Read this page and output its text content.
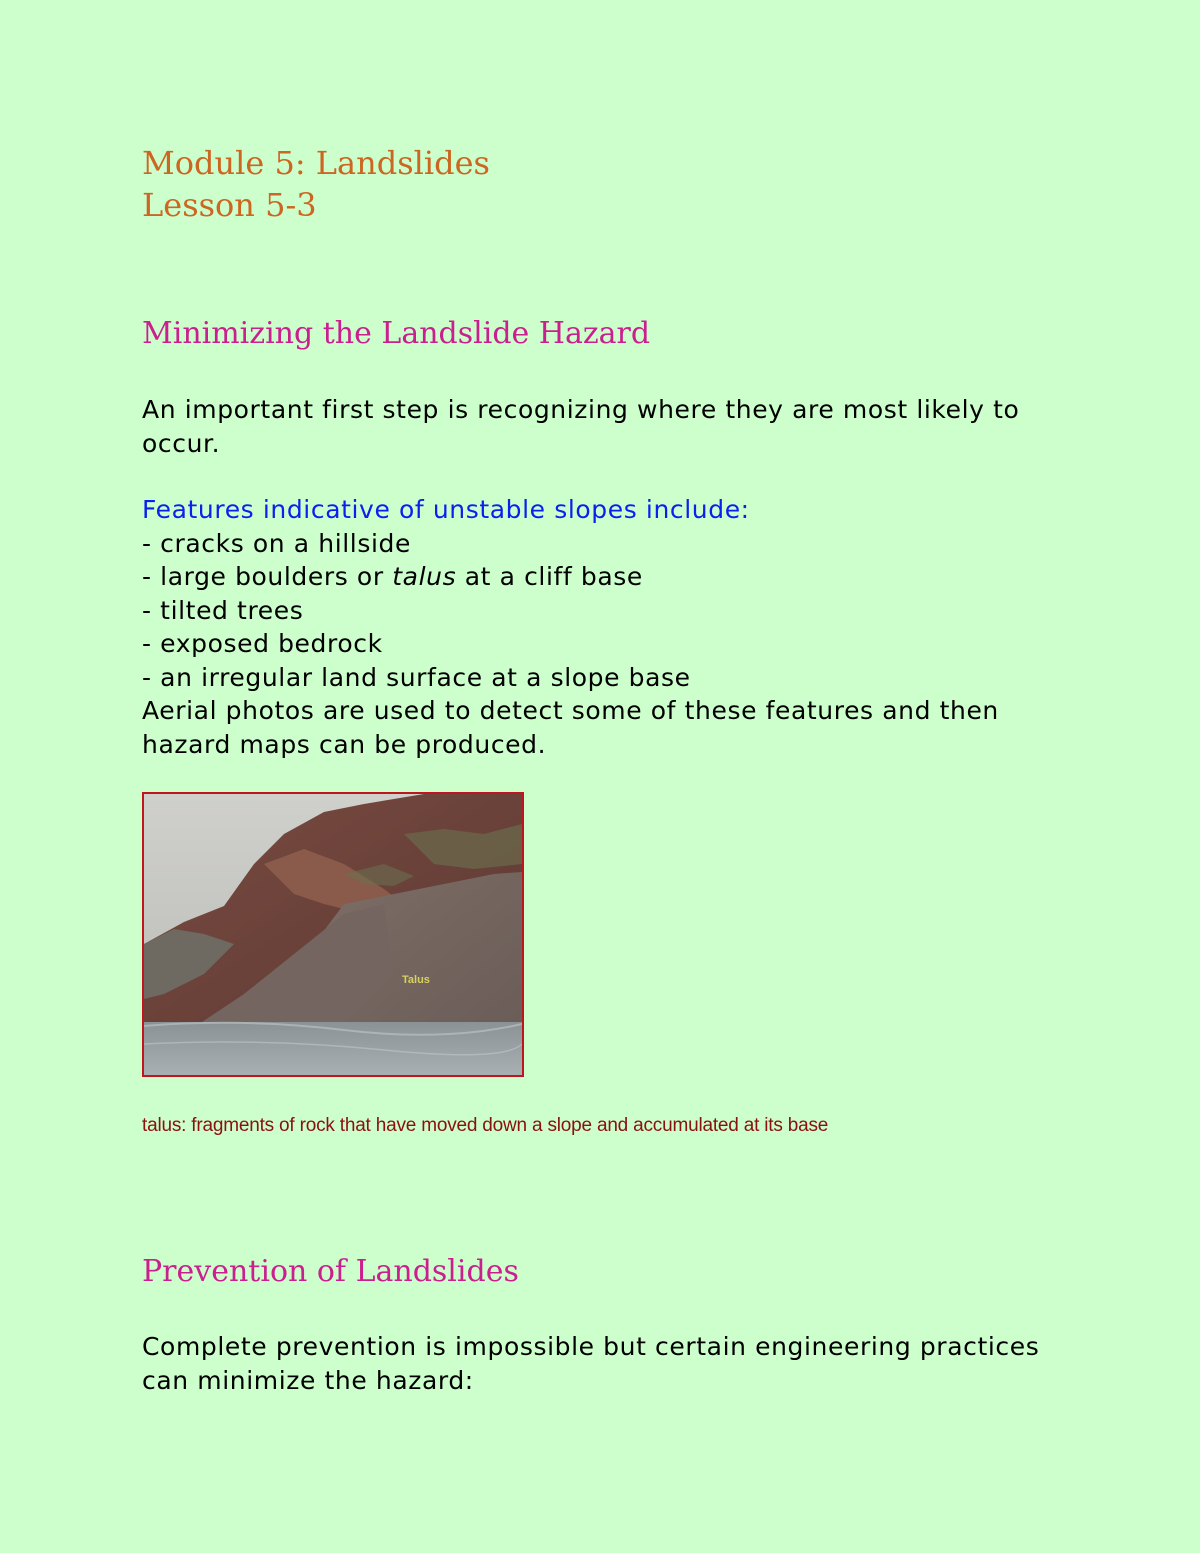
Module 5: Landslides
Lesson 5-3
Minimizing the Landslide Hazard

An important first step is recognizing where they are most likely to occur.

Features indicative of unstable slopes include:
- cracks on a hillside
- large boulders or talus at a cliff base
- tilted trees
- exposed bedrock
- an irregular land surface at a slope base
Aerial photos are used to detect some of these features and then hazard maps can be produced.
Talus

talus: fragments of rock that have moved down a slope and accumulated at its base

Prevention of Landslides

Complete prevention is impossible but certain engineering practices can minimize the hazard:
